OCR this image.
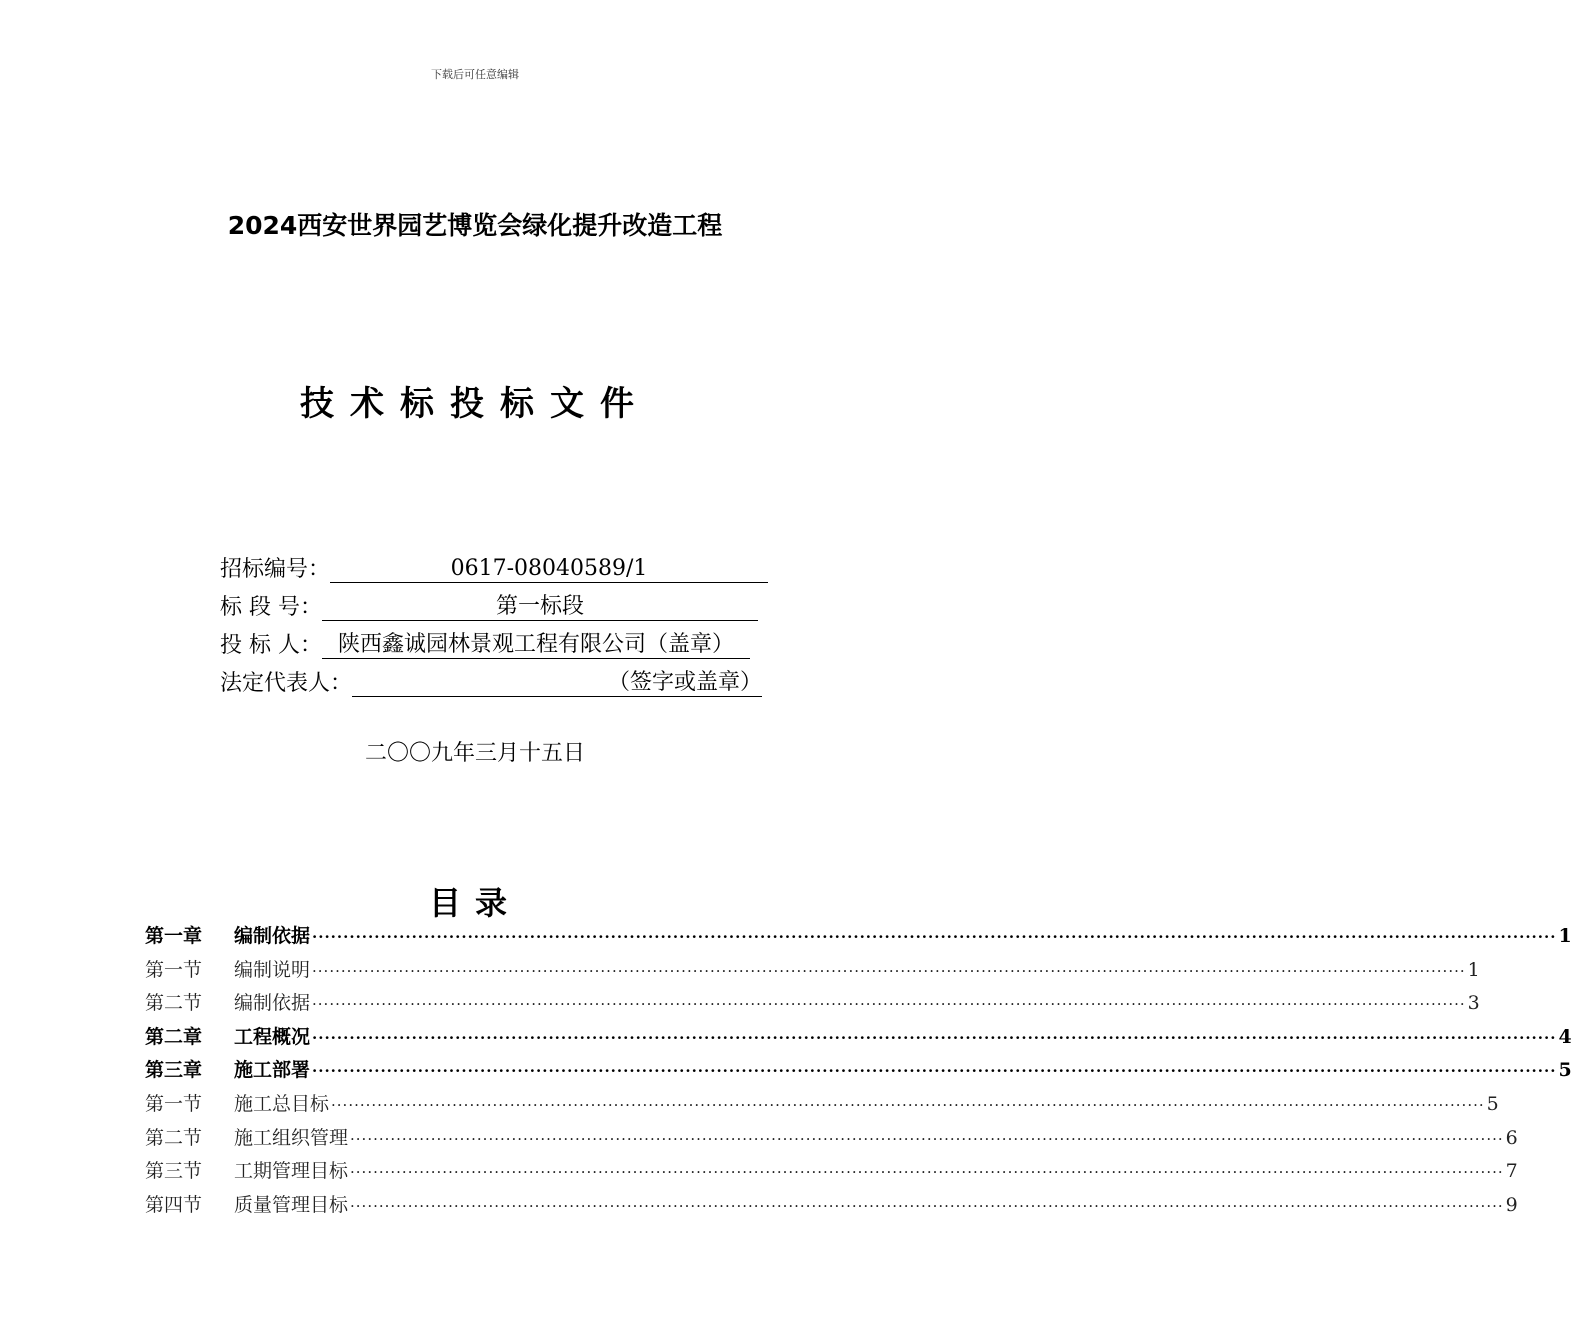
下载后可任意编辑
2024西安世界园艺博览会绿化提升改造工程
技术标投标文件
招标编号：	0617-08040589/1
标 段 号：	第一标段
投 标 人： 陕西鑫诚园林景观工程有限公司（盖章）
法定代表人：	（签字或盖章）
二〇〇九年三月十五日
目录
第一章	编制依据 ········································································································································································································ 1
第一节	编制说明 ········································································································································································································ 1
第二节	编制依据 ········································································································································································································ 3
第二章	工程概况 ········································································································································································································ 4
第三章	施工部署 ········································································································································································································ 5
第一节	施工总目标 ········································································································································································································ 5
第二节	施工组织管理 ········································································································································································································ 6
第三节	工期管理目标 ········································································································································································································ 7
第四节	质量管理目标 ········································································································································································································ 9
